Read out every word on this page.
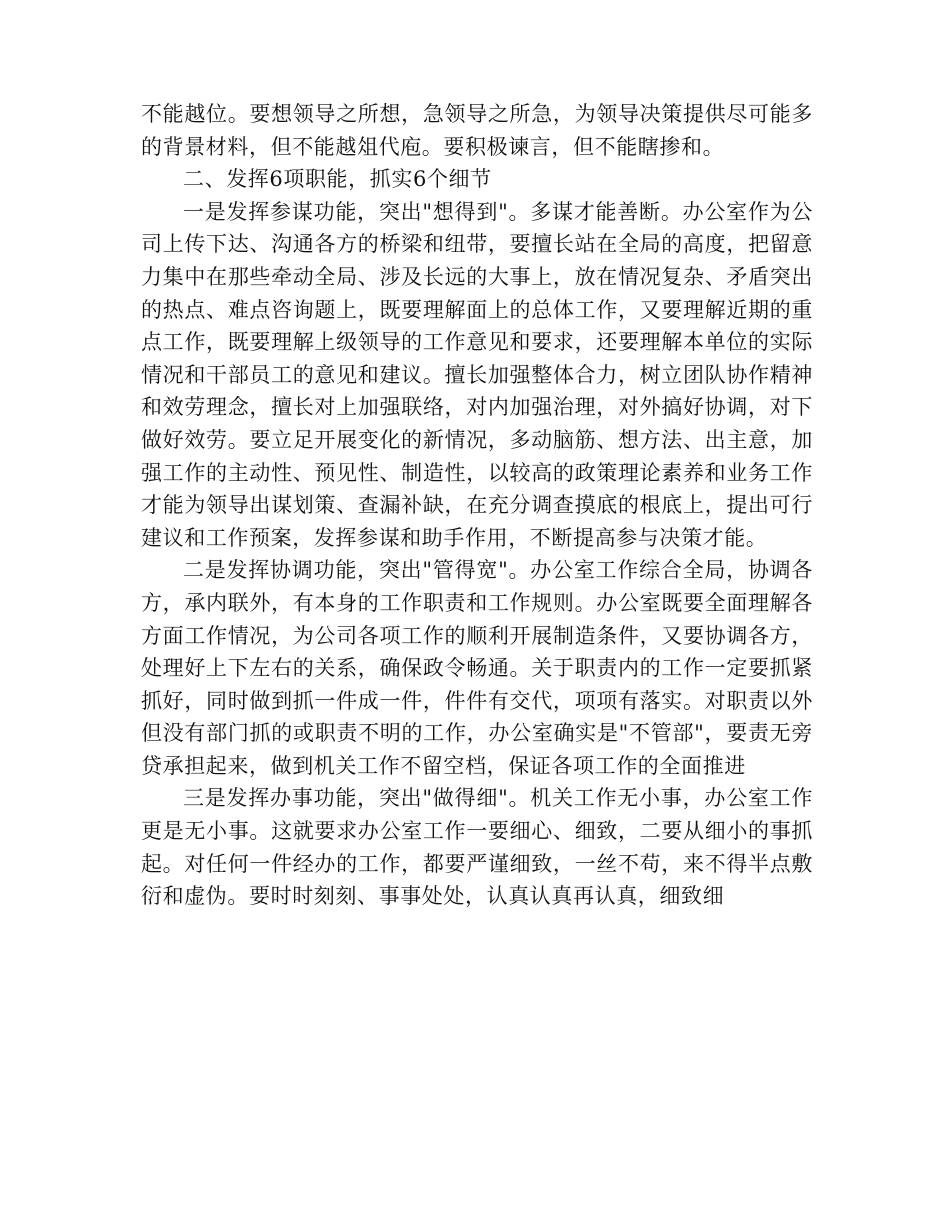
不能越位。要想领导之所想，急领导之所急，为领导决策提供尽可能多的背景材料，但不能越俎代庖。要积极谏言，但不能瞎掺和。

二、发挥6项职能，抓实6个细节

一是发挥参谋功能，突出"想得到"。多谋才能善断。办公室作为公司上传下达、沟通各方的桥梁和纽带，要擅长站在全局的高度，把留意力集中在那些牵动全局、涉及长远的大事上，放在情况复杂、矛盾突出的热点、难点咨询题上，既要理解面上的总体工作，又要理解近期的重点工作，既要理解上级领导的工作意见和要求，还要理解本单位的实际情况和干部员工的意见和建议。擅长加强整体合力，树立团队协作精神和效劳理念，擅长对上加强联络，对内加强治理，对外搞好协调，对下做好效劳。要立足开展变化的新情况，多动脑筋、想方法、出主意，加强工作的主动性、预见性、制造性，以较高的政策理论素养和业务工作才能为领导出谋划策、查漏补缺，在充分调查摸底的根底上，提出可行建议和工作预案，发挥参谋和助手作用，不断提高参与决策才能。

二是发挥协调功能，突出"管得宽"。办公室工作综合全局，协调各方，承内联外，有本身的工作职责和工作规则。办公室既要全面理解各方面工作情况，为公司各项工作的顺利开展制造条件，又要协调各方，处理好上下左右的关系，确保政令畅通。关于职责内的工作一定要抓紧抓好，同时做到抓一件成一件，件件有交代，项项有落实。对职责以外但没有部门抓的或职责不明的工作，办公室确实是"不管部"，要责无旁贷承担起来，做到机关工作不留空档，保证各项工作的全面推进

三是发挥办事功能，突出"做得细"。机关工作无小事，办公室工作更是无小事。这就要求办公室工作一要细心、细致，二要从细小的事抓起。对任何一件经办的工作，都要严谨细致，一丝不苟，来不得半点敷衍和虚伪。要时时刻刻、事事处处，认真认真再认真，细致细
